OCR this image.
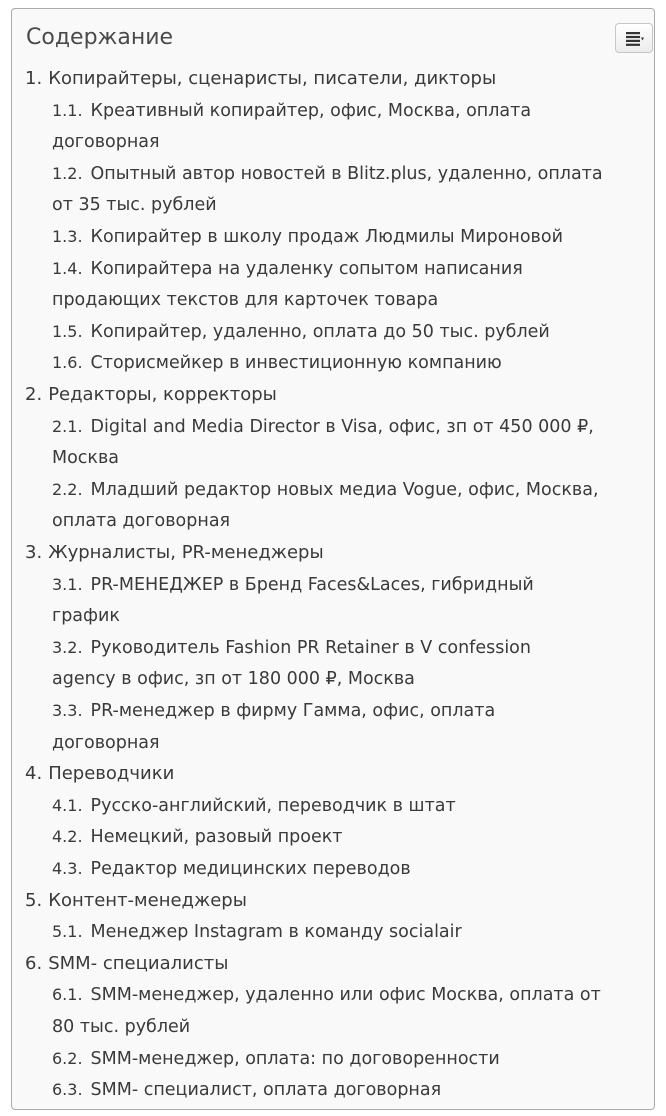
Содержание
1. Копирайтеры, сценаристы, писатели, дикторы
1.1. Креативный копирайтер, офис, Москва, оплата
договорная
1.2. Опытный автор новостей в Blitz.plus, удаленно, оплата
от 35 тыс. рублей
1.3. Копирайтер в школу продаж Людмилы Мироновой
1.4. Копирайтера на удаленку сопытом написания
продающих текстов для карточек товара
1.5. Копирайтер, удаленно, оплата до 50 тыс. рублей
1.6. Сторисмейкер в инвестиционную компанию
2. Редакторы, корректоры
2.1. Digital and Media Director в Visa, офис, зп от 450 000 ₽,
Москва
2.2. Младший редактор новых медиа Vogue, офис, Москва,
оплата договорная
3. Журналисты, PR-менеджеры
3.1. PR-МЕНЕДЖЕР в Бренд Faces&Laces, гибридный
график
3.2. Руководитель Fashion PR Retainer в V confession
agency в офис, зп от 180 000 ₽, Москва
3.3. PR-менеджер в фирму Гамма, офис, оплата
договорная
4. Переводчики
4.1. Русско-английский, переводчик в штат
4.2. Немецкий, разовый проект
4.3. Редактор медицинских переводов
5. Контент-менеджеры
5.1. Менеджер Instagram в команду socialair
6. SMM- специалисты
6.1. SMM-менеджер, удаленно или офис Москва, оплата от
80 тыс. рублей
6.2. SMM-менеджер, оплата: по договоренности
6.3. SMM- специалист, оплата договорная
